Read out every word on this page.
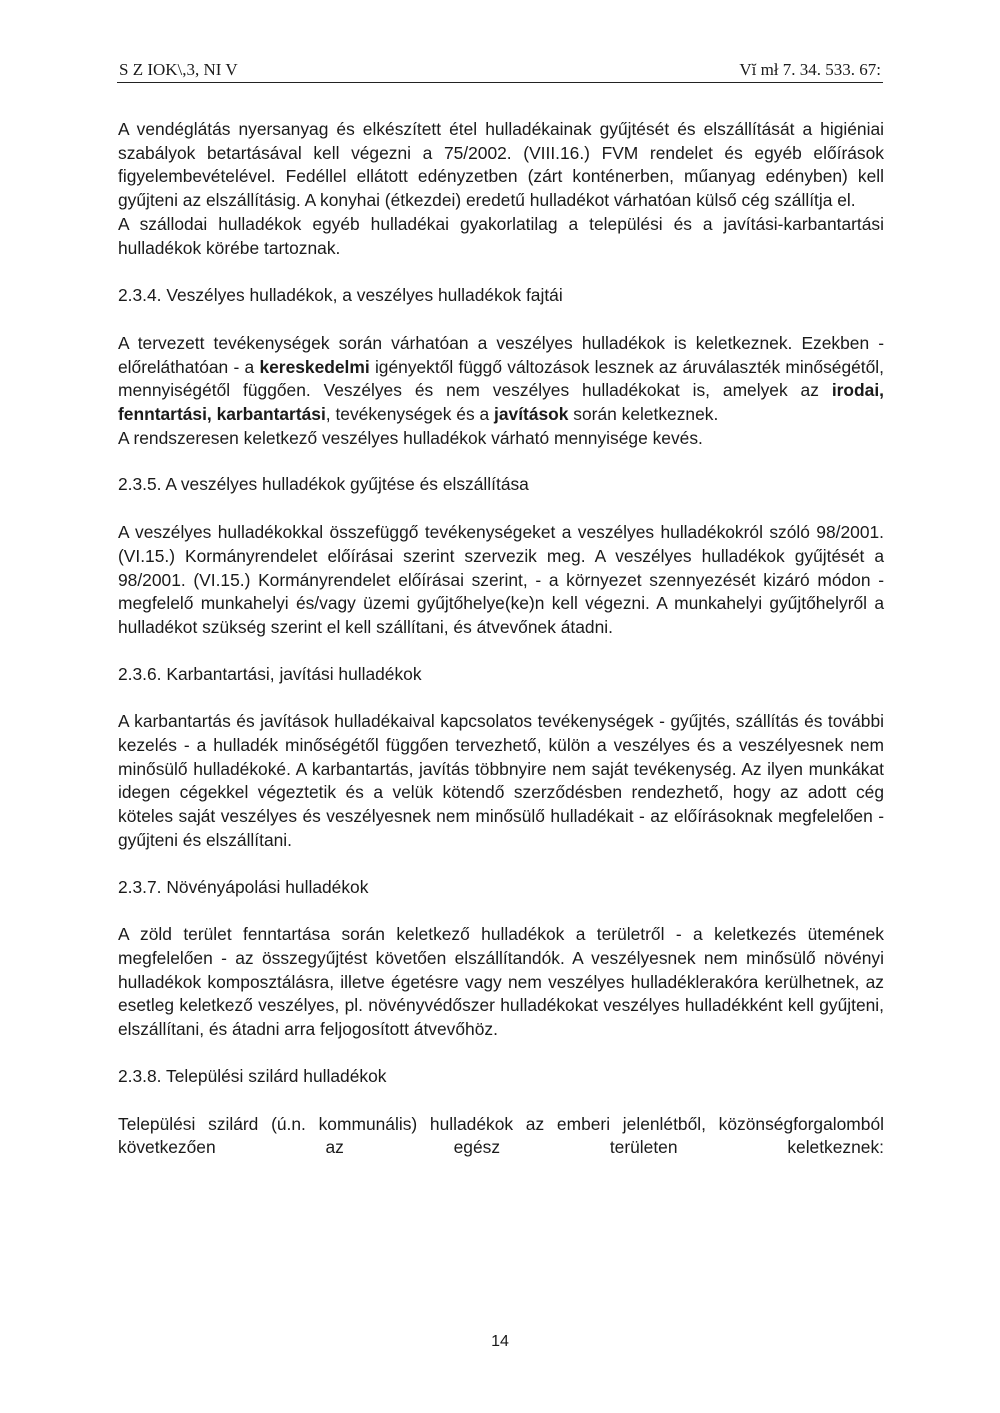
S Z IOK\,3, NI V	Vĭ mł 7. 34. 533. 67:

A vendéglátás nyersanyag és elkészített étel hulladékainak gyűjtését és elszállítását a higiéniai szabályok betartásával kell végezni a 75/2002. (VIII.16.) FVM rendelet és egyéb előírások figyelembevételével. Fedéllel ellátott edényzetben (zárt konténerben, műanyag edényben) kell gyűjteni az elszállításig. A konyhai (étkezdei) eredetű hulladékot várhatóan külső cég szállítja el.

A szállodai hulladékok egyéb hulladékai gyakorlatilag a települési és a javítási-karbantartási hulladékok körébe tartoznak.

2.3.4. Veszélyes hulladékok, a veszélyes hulladékok fajtái

A tervezett tevékenységek során várhatóan a veszélyes hulladékok is keletkeznek. Ezekben - előreláthatóan - a kereskedelmi igényektől függő változások lesznek az áruválaszték minőségétől, mennyiségétől függően. Veszélyes és nem veszélyes hulladékokat is, amelyek az irodai, fenntartási, karbantartási, tevékenységek és a javítások során keletkeznek.

A rendszeresen keletkező veszélyes hulladékok várható mennyisége kevés.

2.3.5. A veszélyes hulladékok gyűjtése és elszállítása

A veszélyes hulladékokkal összefüggő tevékenységeket a veszélyes hulladékokról szóló 98/2001. (VI.15.) Kormányrendelet előírásai szerint szervezik meg. A veszélyes hulladékok gyűjtését a 98/2001. (VI.15.) Kormányrendelet előírásai szerint, - a környezet szennyezését kizáró módon - megfelelő munkahelyi és/vagy üzemi gyűjtőhelye(ke)n kell végezni. A munkahelyi gyűjtőhelyről a hulladékot szükség szerint el kell szállítani, és átvevőnek átadni.

2.3.6. Karbantartási, javítási hulladékok

A karbantartás és javítások hulladékaival kapcsolatos tevékenységek - gyűjtés, szállítás és további kezelés - a hulladék minőségétől függően tervezhető, külön a veszélyes és a veszélyesnek nem minősülő hulladékoké. A karbantartás, javítás többnyire nem saját tevékenység. Az ilyen munkákat idegen cégekkel végeztetik és a velük kötendő szerződésben rendezhető, hogy az adott cég köteles saját veszélyes és veszélyesnek nem minősülő hulladékait - az előírásoknak megfelelően - gyűjteni és elszállítani.

2.3.7. Növényápolási hulladékok

A zöld terület fenntartása során keletkező hulladékok a területről - a keletkezés ütemének megfelelően - az összegyűjtést követően elszállítandók. A veszélyesnek nem minősülő növényi hulladékok komposztálásra, illetve égetésre vagy nem veszélyes hulladéklerakóra kerülhetnek, az esetleg keletkező veszélyes, pl. növényvédőszer hulladékokat veszélyes hulladékként kell gyűjteni, elszállítani, és átadni arra feljogosított átvevőhöz.

2.3.8. Települési szilárd hulladékok

Települési szilárd (ú.n. kommunális) hulladékok az emberi jelenlétből, közönségforgalomból következően az egész területen keletkeznek:

14
